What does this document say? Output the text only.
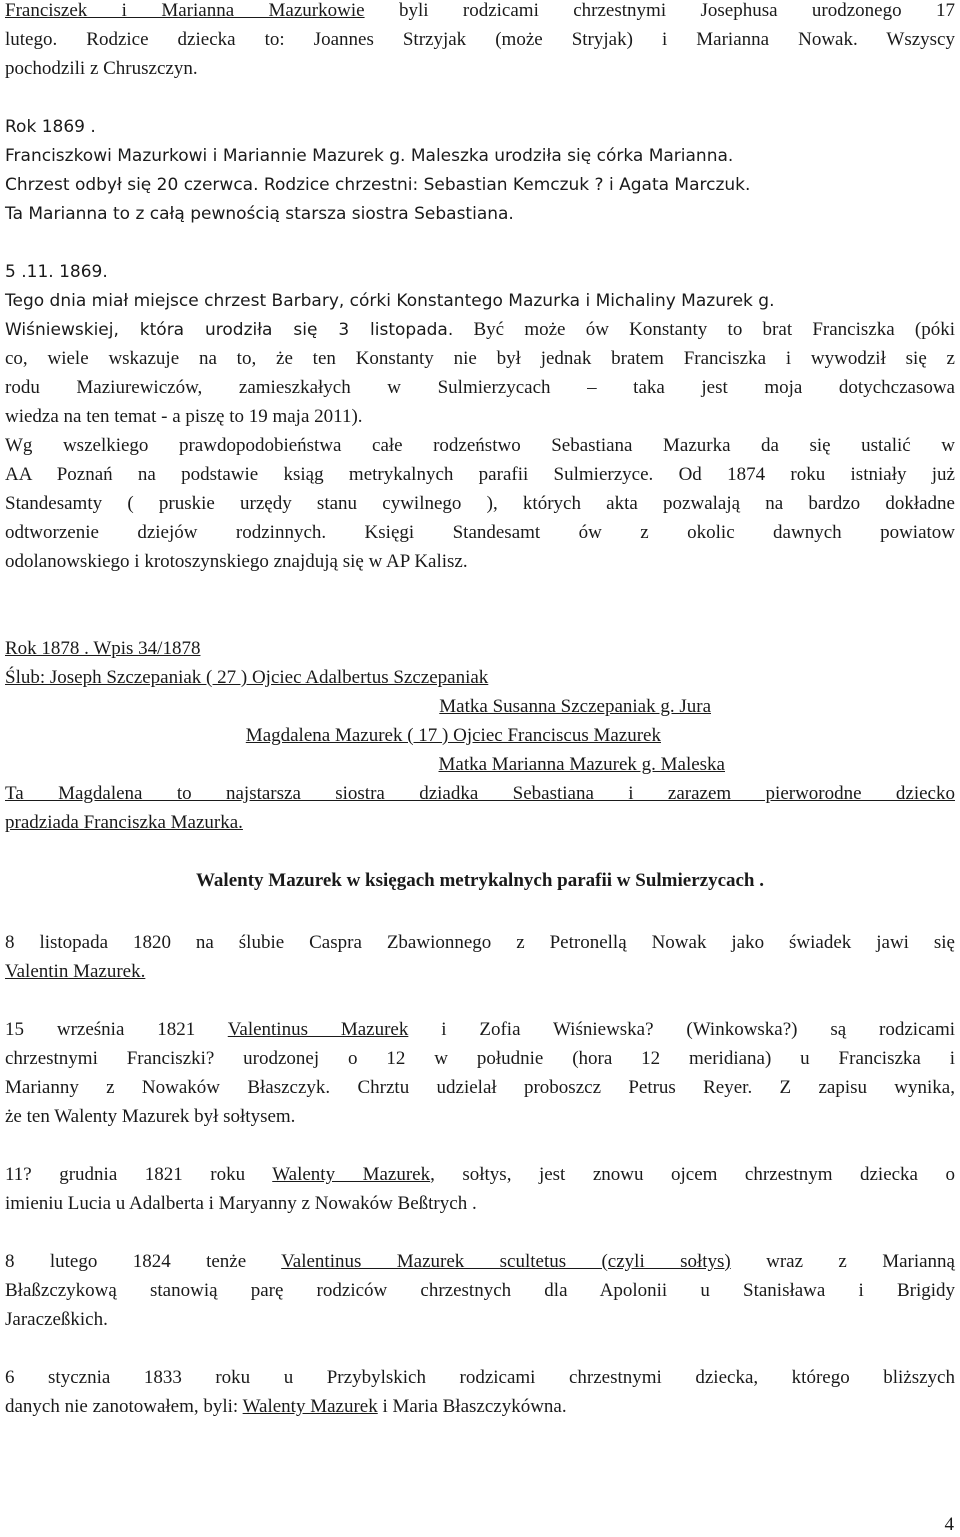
Franciszek i Marianna Mazurkowie byli rodzicami chrzestnymi Josephusa urodzonego 17
lutego. Rodzice dziecka to: Joannes Strzyjak (może Stryjak) i Marianna Nowak. Wszyscy
pochodzili z Chruszczyn.
Rok 1869 .
Franciszkowi Mazurkowi i Mariannie Mazurek g. Maleszka urodziła się córka Marianna.
Chrzest odbył się 20 czerwca. Rodzice chrzestni: Sebastian Kemczuk ? i Agata Marczuk.
Ta Marianna to z całą pewnością starsza siostra Sebastiana.
5 .11. 1869.
Tego dnia miał miejsce chrzest Barbary, córki Konstantego Mazurka i Michaliny Mazurek g.
Wiśniewskiej, która urodziła się 3 listopada. Być może ów Konstanty to brat Franciszka (póki
co, wiele wskazuje na to, że ten Konstanty nie był jednak bratem Franciszka i wywodził się z
rodu Maziurewiczów, zamieszkałych w Sulmierzycach – taka jest moja dotychczasowa
wiedza na ten temat - a piszę to 19 maja 2011).
Wg wszelkiego prawdopodobieństwa całe rodzeństwo Sebastiana Mazurka da się ustalić w
AA Poznań na podstawie ksiąg metrykalnych parafii Sulmierzyce. Od 1874 roku istniały już
Standesamty ( pruskie urzędy stanu cywilnego ), których akta pozwalają na bardzo dokładne
odtworzenie dziejów rodzinnych. Księgi Standesamt ów z okolic dawnych powiatow
odolanowskiego i krotoszynskiego znajdują się w AP Kalisz.
Rok 1878 . Wpis 34/1878
Ślub: Joseph Szczepaniak ( 27 ) Ojciec Adalbertus Szczepaniak
Matka Susanna Szczepaniak g. Jura
Magdalena Mazurek ( 17 ) Ojciec Franciscus Mazurek
Matka Marianna Mazurek g. Maleska
Ta Magdalena to najstarsza siostra dziadka Sebastiana i zarazem pierworodne dziecko
pradziada Franciszka Mazurka.
Walenty Mazurek w księgach metrykalnych parafii w Sulmierzycach .
8 listopada 1820 na ślubie Caspra Zbawionnego z Petronellą Nowak jako świadek jawi się
Valentin Mazurek.
15 września 1821 Valentinus Mazurek i Zofia Wiśniewska? (Winkowska?) są rodzicami
chrzestnymi Franciszki? urodzonej o 12 w południe (hora 12 meridiana) u Franciszka i
Marianny z Nowaków Błaszczyk. Chrztu udzielał proboszcz Petrus Reyer. Z zapisu wynika,
że ten Walenty Mazurek był sołtysem.
11? grudnia 1821 roku Walenty Mazurek, sołtys, jest znowu ojcem chrzestnym dziecka o
imieniu Lucia u Adalberta i Maryanny z Nowaków Beßtrych .
8 lutego 1824 tenże Valentinus Mazurek scultetus (czyli sołtys) wraz z Marianną
Błaßzczykową stanowią parę rodziców chrzestnych dla Apolonii u Stanisława i Brigidy
Jaraczeßkich.
6 stycznia 1833 roku u Przybylskich rodzicami chrzestnymi dziecka, którego bliższych
danych nie zanotowałem, byli: Walenty Mazurek i Maria Błaszczykówna.
4
